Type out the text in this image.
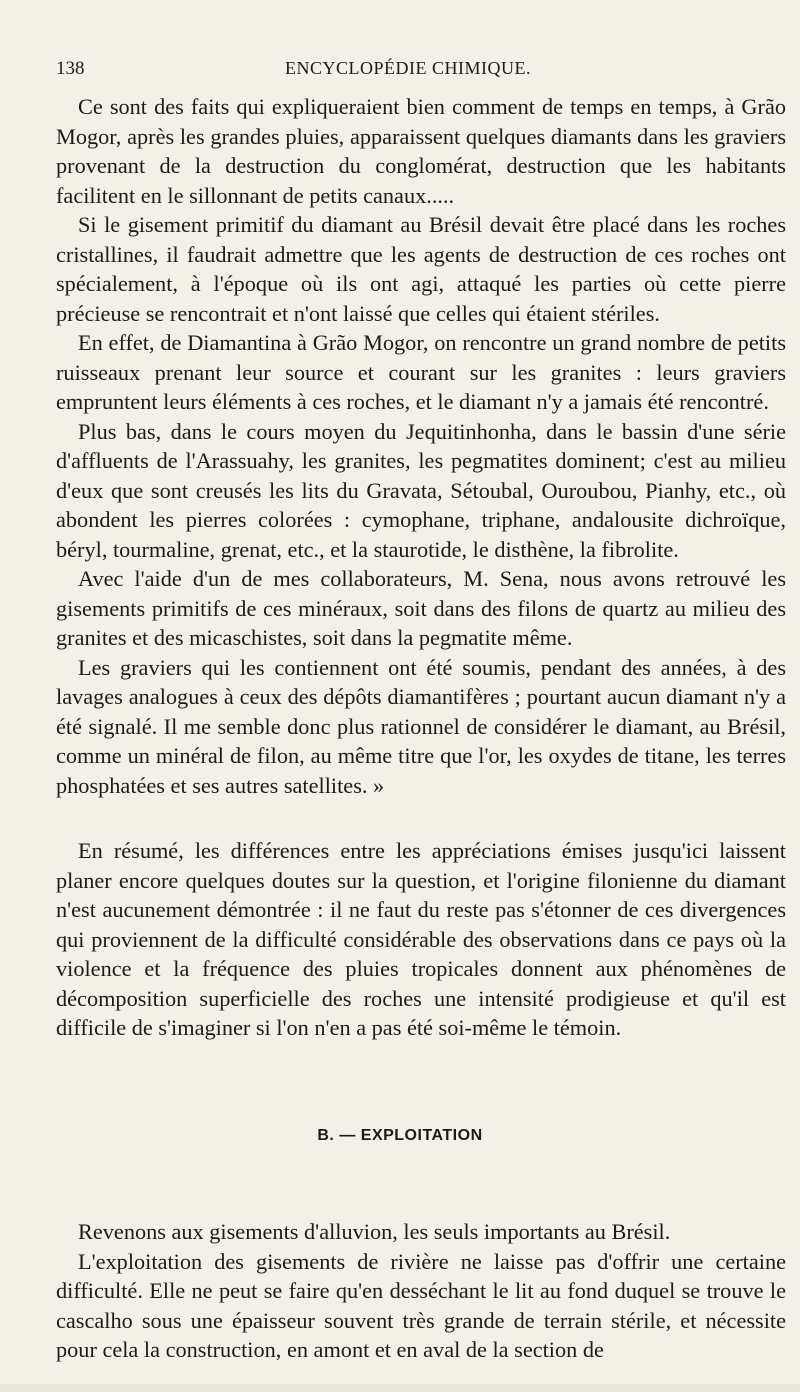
138	ENCYCLOPÉDIE CHIMIQUE.

Ce sont des faits qui expliqueraient bien comment de temps en temps, à Grão Mogor, après les grandes pluies, apparaissent quelques diamants dans les graviers provenant de la destruction du conglomérat, destruction que les habitants facilitent en le sillonnant de petits canaux.....

Si le gisement primitif du diamant au Brésil devait être placé dans les roches cristallines, il faudrait admettre que les agents de destruction de ces roches ont spécialement, à l'époque où ils ont agi, attaqué les parties où cette pierre précieuse se rencontrait et n'ont laissé que celles qui étaient stériles.

En effet, de Diamantina à Grão Mogor, on rencontre un grand nombre de petits ruisseaux prenant leur source et courant sur les granites : leurs graviers empruntent leurs éléments à ces roches, et le diamant n'y a jamais été rencontré.

Plus bas, dans le cours moyen du Jequitinhonha, dans le bassin d'une série d'affluents de l'Arassuahy, les granites, les pegmatites dominent; c'est au milieu d'eux que sont creusés les lits du Gravata, Sétoubal, Ouroubou, Pianhy, etc., où abondent les pierres colorées : cymophane, triphane, andalousite dichroïque, béryl, tourmaline, grenat, etc., et la staurotide, le disthène, la fibrolite.

Avec l'aide d'un de mes collaborateurs, M. Sena, nous avons retrouvé les gisements primitifs de ces minéraux, soit dans des filons de quartz au milieu des granites et des micaschistes, soit dans la pegmatite même.

Les graviers qui les contiennent ont été soumis, pendant des années, à des lavages analogues à ceux des dépôts diamantifères ; pourtant aucun diamant n'y a été signalé. Il me semble donc plus rationnel de considérer le diamant, au Brésil, comme un minéral de filon, au même titre que l'or, les oxydes de titane, les terres phosphatées et ses autres satellites. »

En résumé, les différences entre les appréciations émises jusqu'ici laissent planer encore quelques doutes sur la question, et l'origine filonienne du diamant n'est aucunement démontrée : il ne faut du reste pas s'étonner de ces divergences qui proviennent de la difficulté considérable des observations dans ce pays où la violence et la fréquence des pluies tropicales donnent aux phénomènes de décomposition superficielle des roches une intensité prodigieuse et qu'il est difficile de s'imaginer si l'on n'en a pas été soi-même le témoin.

B. — EXPLOITATION

Revenons aux gisements d'alluvion, les seuls importants au Brésil.

L'exploitation des gisements de rivière ne laisse pas d'offrir une certaine difficulté. Elle ne peut se faire qu'en desséchant le lit au fond duquel se trouve le cascalho sous une épaisseur souvent très grande de terrain stérile, et nécessite pour cela la construction, en amont et en aval de la section de
